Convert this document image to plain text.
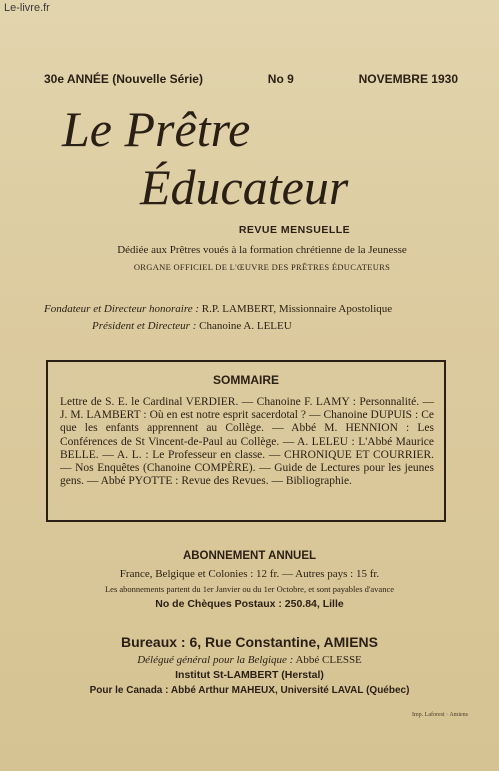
Le-livre.fr
30e ANNÉE (Nouvelle Série)	No 9	NOVEMBRE 1930
Le Prêtre
Éducateur
REVUE MENSUELLE
Dédiée aux Prêtres voués à la formation chrétienne de la Jeunesse
ORGANE OFFICIEL DE L'ŒUVRE DES PRÊTRES ÉDUCATEURS
Fondateur et Directeur honoraire : R.P. LAMBERT, Missionnaire Apostolique
Président et Directeur : Chanoine A. LELEU
SOMMAIRE
Lettre de S. E. le Cardinal VERDIER. — Chanoine F. LAMY : Personnalité. — J. M. LAMBERT : Où en est notre esprit sacerdotal ? — Chanoine DUPUIS : Ce que les enfants apprennent au Collège. — Abbé M. HENNION : Les Conférences de St Vincent-de-Paul au Collège. — A. LELEU : L'Abbé Maurice BELLE. — A. L. : Le Professeur en classe. — CHRONIQUE ET COURRIER. — Nos Enquêtes (Chanoine COMPÈRE). — Guide de Lectures pour les jeunes gens. — Abbé PYOTTE : Revue des Revues. — Bibliographie.
ABONNEMENT ANNUEL
France, Belgique et Colonies : 12 fr. — Autres pays : 15 fr.
Les abonnements partent du 1er Janvier ou du 1er Octobre, et sont payables d'avance
No de Chèques Postaux : 250.84, Lille
Bureaux : 6, Rue Constantine, AMIENS
Délégué général pour la Belgique : Abbé CLESSE
Institut St-LAMBERT (Herstal)
Pour le Canada : Abbé Arthur MAHEUX, Université LAVAL (Québec)
Imp. Laforest · Amiens
